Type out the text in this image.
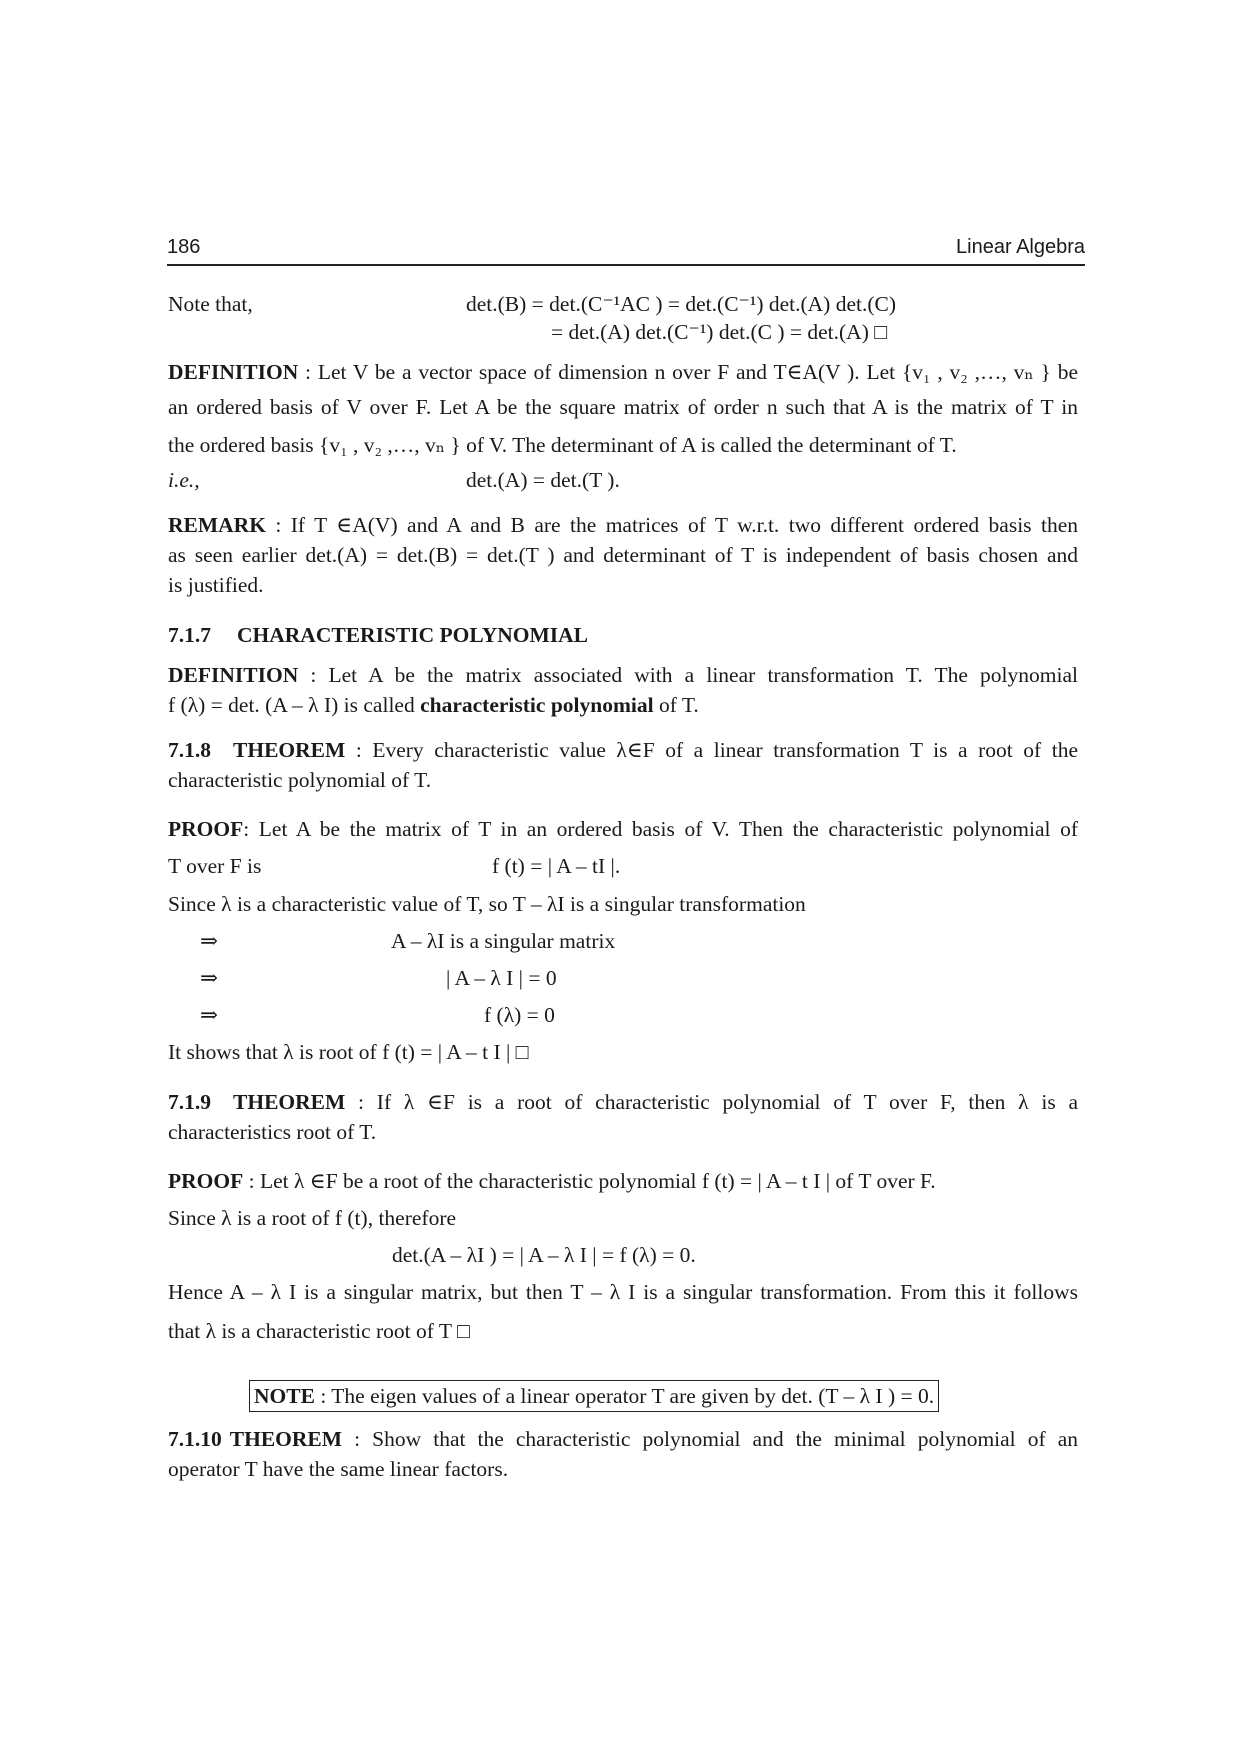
186	Linear Algebra
Note that,	det.(B) = det.(C⁻¹AC ) = det.(C⁻¹) det.(A) det.(C)
= det.(A) det.(C⁻¹) det.(C ) = det.(A) □
DEFINITION : Let V be a vector space of dimension n over F and T∈A(V ). Let {v₁ , v₂ ,…, vₙ } be
an ordered basis of V over F. Let A be the square matrix of order n such that A is the matrix of T in
the ordered basis {v₁ , v₂ ,…, vₙ } of V. The determinant of A is called the determinant of T.
i.e.,	det.(A) = det.(T ).
REMARK : If T ∈A(V) and A and B are the matrices of T w.r.t. two different ordered basis then
as seen earlier det.(A) = det.(B) = det.(T ) and determinant of T is independent of basis chosen and
is justified.
7.1.7 CHARACTERISTIC POLYNOMIAL
DEFINITION : Let A be the matrix associated with a linear transformation T. The polynomial
f (λ) = det. (A – λ I) is called characteristic polynomial of T.
7.1.8 THEOREM : Every characteristic value λ∈F of a linear transformation T is a root of the
characteristic polynomial of T.
PROOF: Let A be the matrix of T in an ordered basis of V. Then the characteristic polynomial of
T over F is	f (t) = | A – tI |.
Since λ is a characteristic value of T, so T – λI is a singular transformation
⇒	A – λI is a singular matrix
⇒	| A – λ I | = 0
⇒	f (λ) = 0
It shows that λ is root of f (t) = | A – t I | □
7.1.9 THEOREM : If λ ∈F is a root of characteristic polynomial of T over F, then λ is a
characteristics root of T.
PROOF : Let λ ∈F be a root of the characteristic polynomial f (t) = | A – t I | of T over F.
Since λ is a root of f (t), therefore
det.(A – λI ) = | A – λ I | = f (λ) = 0.
Hence A – λ I is a singular matrix, but then T – λ I is a singular transformation. From this it follows
that λ is a characteristic root of T □
NOTE : The eigen values of a linear operator T are given by det. (T – λ I ) = 0.
7.1.10 THEOREM : Show that the characteristic polynomial and the minimal polynomial of an
operator T have the same linear factors.
